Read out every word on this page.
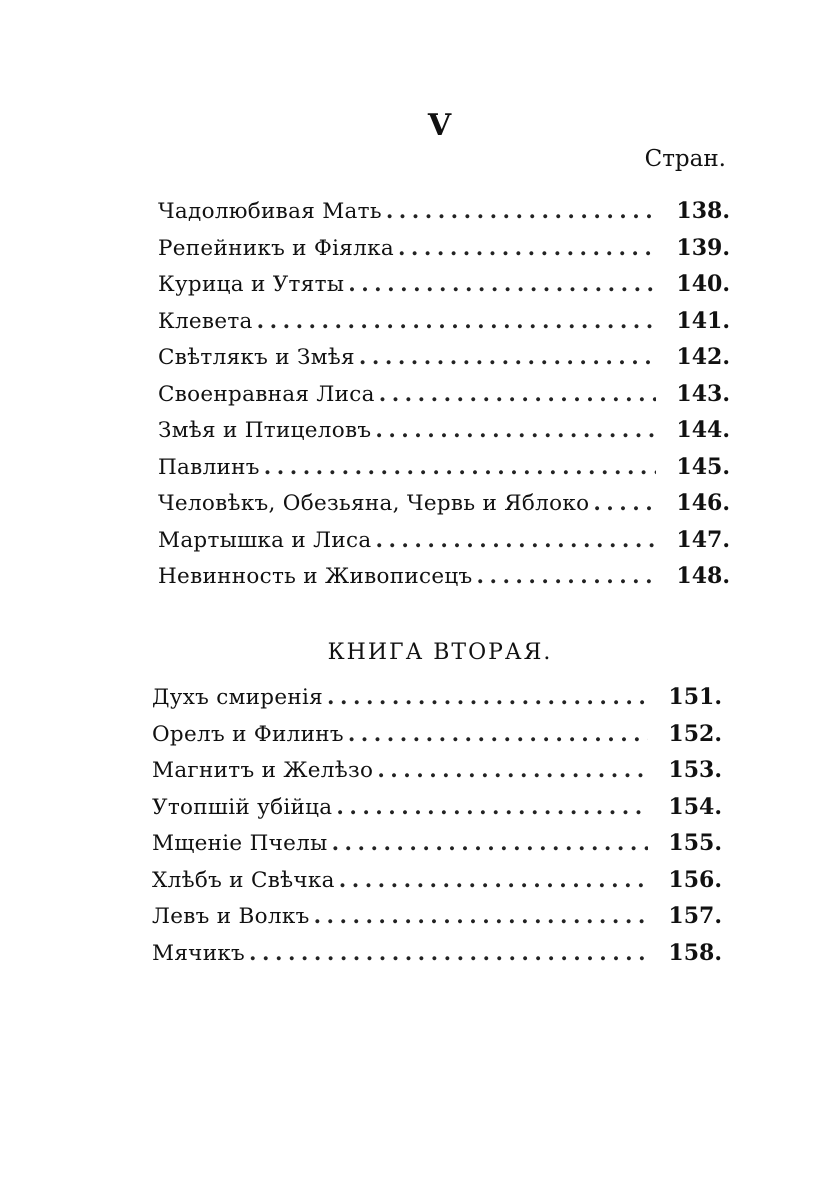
V
Стран.
Чадолюбивая Мать . . .	138.
Репейникъ и Фіялка . . .	139.
Курица и Утяты . . .	140.
Клевета . . .	141.
Свѣтлякъ и Змѣя . . .	142.
Своенравная Лиса . . .	143.
Змѣя и Птицеловъ . . .	144.
Павлинъ . . .	145.
Человѣкъ, Обезьяна, Червь и Яблоко . . .	146.
Мартышка и Лиса . . .	147.
Невинность и Живописецъ . . .	148.
КНИГА ВТОРАЯ.
Духъ смиренія . . .	151.
Орелъ и Филинъ . . .	152.
Магнитъ и Желѣзо . . .	153.
Утопшій убійца . . .	154.
Мщеніе Пчелы . . .	155.
Хлѣбъ и Свѣчка . . .	156.
Левъ и Волкъ . . .	157.
Мячикъ . . .	158.
